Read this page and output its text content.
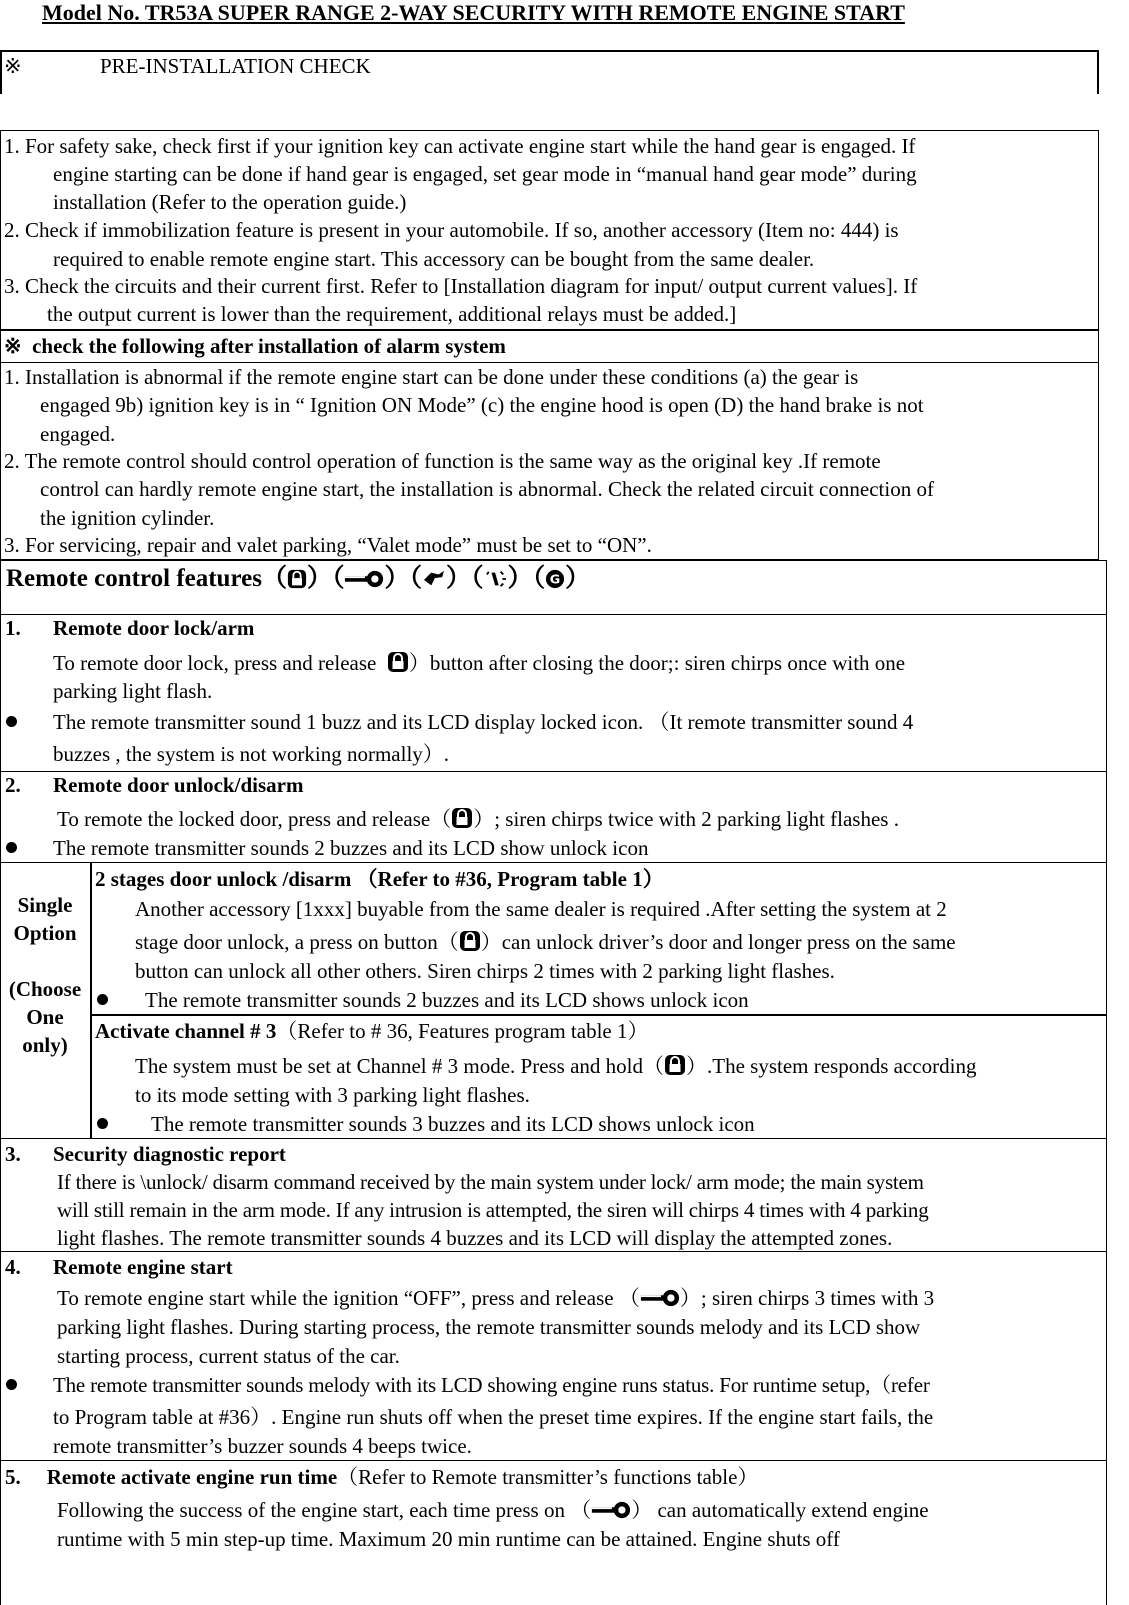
Model No. TR53A SUPER RANGE 2-WAY SECURITY WITH REMOTE ENGINE START
※	PRE-INSTALLATION CHECK
1. For safety sake, check first if your ignition key can activate engine start while the hand gear is engaged. If
engine starting can be done if hand gear is engaged, set gear mode in “manual hand gear mode” during
installation (Refer to the operation guide.)
2. Check if immobilization feature is present in your automobile. If so, another accessory (Item no: 444) is
required to enable remote engine start. This accessory can be bought from the same dealer.
3. Check the circuits and their current first. Refer to [Installation diagram for input/ output current values]. If
the output current is lower than the requirement, additional relays must be added.]
※ check the following after installation of alarm system
1. Installation is abnormal if the remote engine start can be done under these conditions (a) the gear is
engaged 9b) ignition key is in “ Ignition ON Mode” (c) the engine hood is open (D) the hand brake is not
engaged.
2. The remote control should control operation of function is the same way as the original key .If remote
control can hardly remote engine start, the installation is abnormal. Check the related circuit connection of
the ignition cylinder.
3. For servicing, repair and valet parking, “Valet mode” must be set to “ON”.
Remote control features（ ）（ ）（ ）（ ）（ ）
1. Remote door lock/arm
To remote door lock, press and release ）button after closing the door;: siren chirps once with one
parking light flash.
The remote transmitter sound 1 buzz and its LCD display locked icon. （It remote transmitter sound 4
buzzes , the system is not working normally）.
2. Remote door unlock/disarm
To remote the locked door, press and release（ ）; siren chirps twice with 2 parking light flashes .
The remote transmitter sounds 2 buzzes and its LCD show unlock icon
Single
Option
(Choose
One
only)
2 stages door unlock /disarm （Refer to #36, Program table 1）
Another accessory [1xxx] buyable from the same dealer is required .After setting the system at 2
stage door unlock, a press on button（ ）can unlock driver’s door and longer press on the same
button can unlock all other others. Siren chirps 2 times with 2 parking light flashes.
The remote transmitter sounds 2 buzzes and its LCD shows unlock icon
Activate channel # 3（Refer to # 36, Features program table 1）
The system must be set at Channel # 3 mode. Press and hold（ ）.The system responds according
to its mode setting with 3 parking light flashes.
The remote transmitter sounds 3 buzzes and its LCD shows unlock icon
3. Security diagnostic report
If there is \unlock/ disarm command received by the main system under lock/ arm mode; the main system
will still remain in the arm mode. If any intrusion is attempted, the siren will chirps 4 times with 4 parking
light flashes. The remote transmitter sounds 4 buzzes and its LCD will display the attempted zones.
4. Remote engine start
To remote engine start while the ignition “OFF”, press and release （ ）; siren chirps 3 times with 3
parking light flashes. During starting process, the remote transmitter sounds melody and its LCD show
starting process, current status of the car.
The remote transmitter sounds melody with its LCD showing engine runs status. For runtime setup,（refer
to Program table at #36）. Engine run shuts off when the preset time expires. If the engine start fails, the
remote transmitter’s buzzer sounds 4 beeps twice.
5. Remote activate engine run time（Refer to Remote transmitter’s functions table）
Following the success of the engine start, each time press on （ ） can automatically extend engine
runtime with 5 min step-up time. Maximum 20 min runtime can be attained. Engine shuts off
